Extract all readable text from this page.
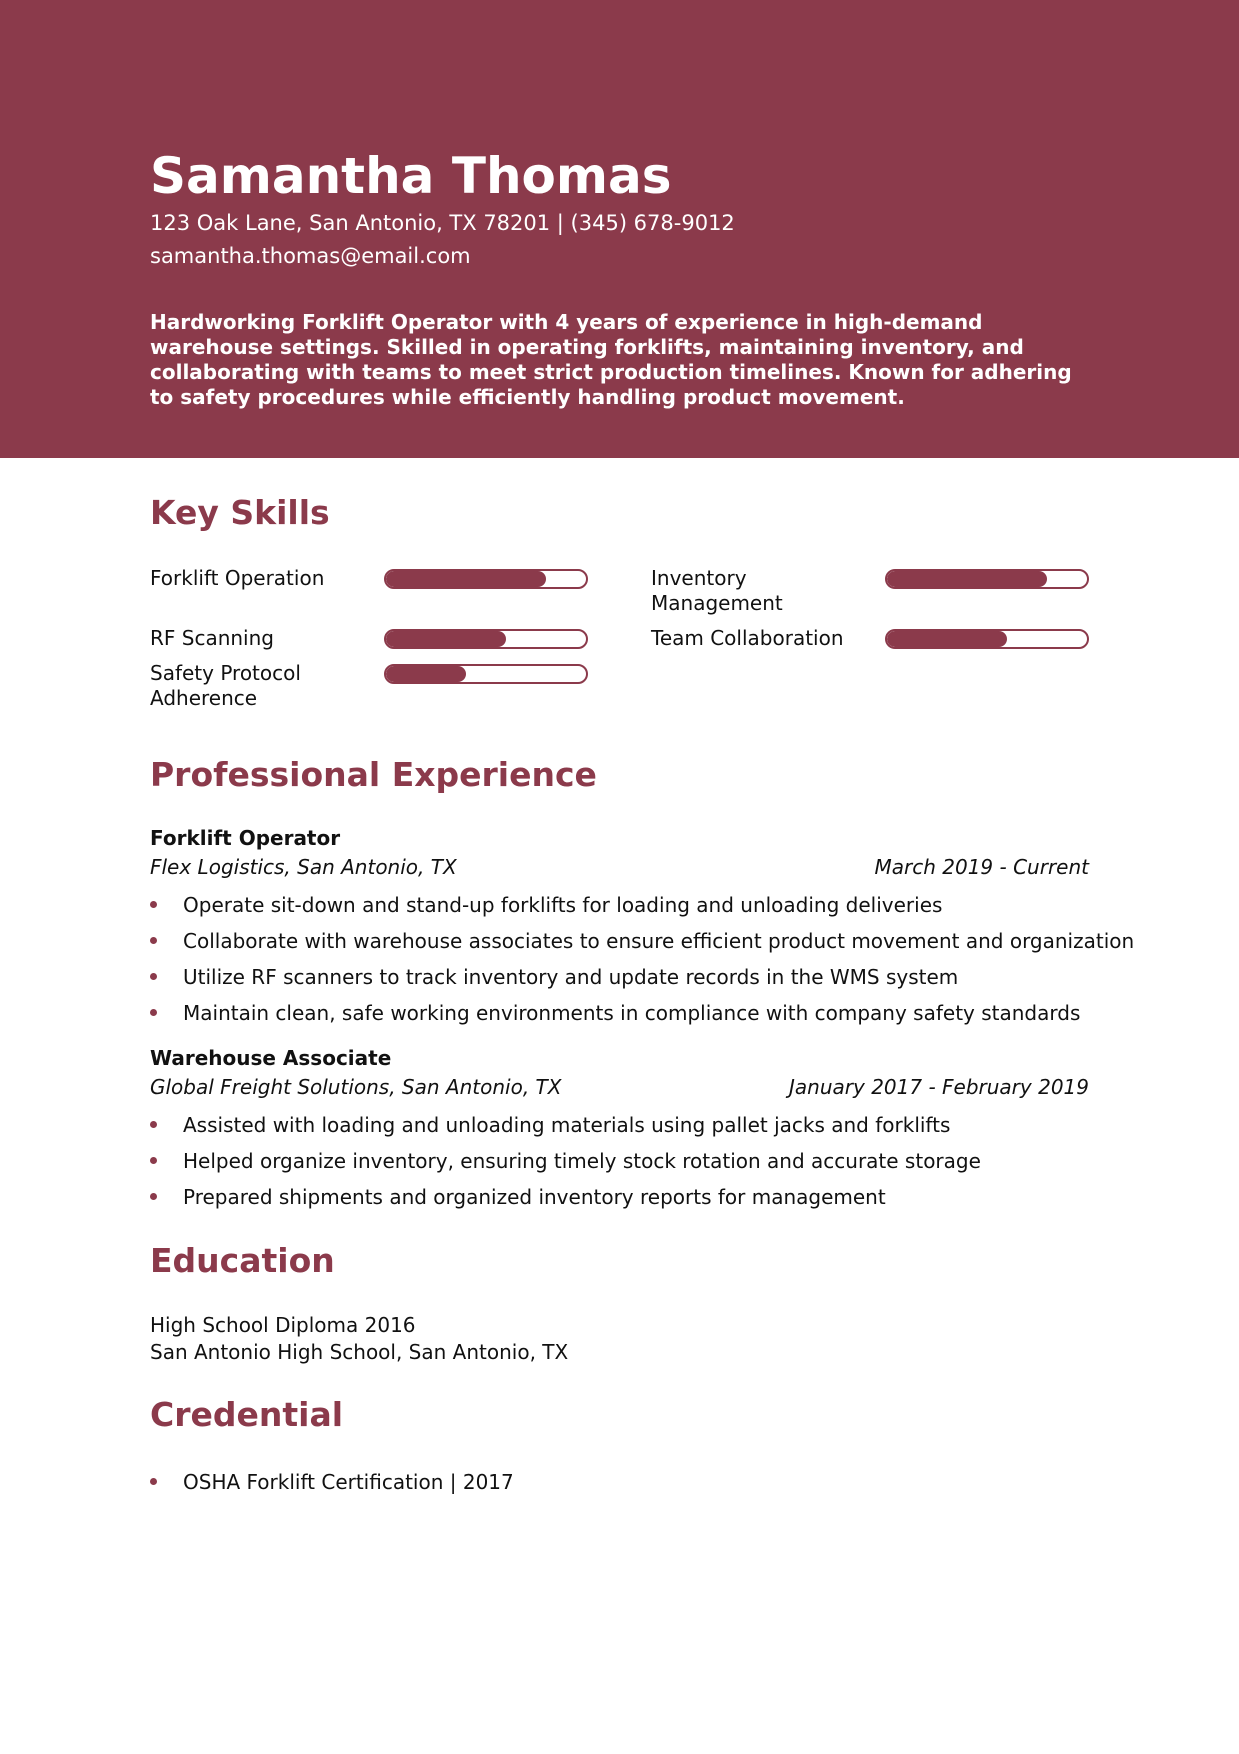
Samantha Thomas
123 Oak Lane, San Antonio, TX 78201 | (345) 678-9012
samantha.thomas@email.com
Hardworking Forklift Operator with 4 years of experience in high-demand warehouse settings. Skilled in operating forklifts, maintaining inventory, and collaborating with teams to meet strict production timelines. Known for adhering to safety procedures while efficiently handling product movement.
Key Skills
Forklift Operation	Inventory Management
RF Scanning	Team Collaboration
Safety Protocol Adherence
Professional Experience
Forklift Operator
Flex Logistics, San Antonio, TX	March 2019 - Current
Operate sit-down and stand-up forklifts for loading and unloading deliveries
Collaborate with warehouse associates to ensure efficient product movement and organization
Utilize RF scanners to track inventory and update records in the WMS system
Maintain clean, safe working environments in compliance with company safety standards
Warehouse Associate
Global Freight Solutions, San Antonio, TX	January 2017 - February 2019
Assisted with loading and unloading materials using pallet jacks and forklifts
Helped organize inventory, ensuring timely stock rotation and accurate storage
Prepared shipments and organized inventory reports for management
Education
High School Diploma 2016
San Antonio High School, San Antonio, TX
Credential
OSHA Forklift Certification | 2017
